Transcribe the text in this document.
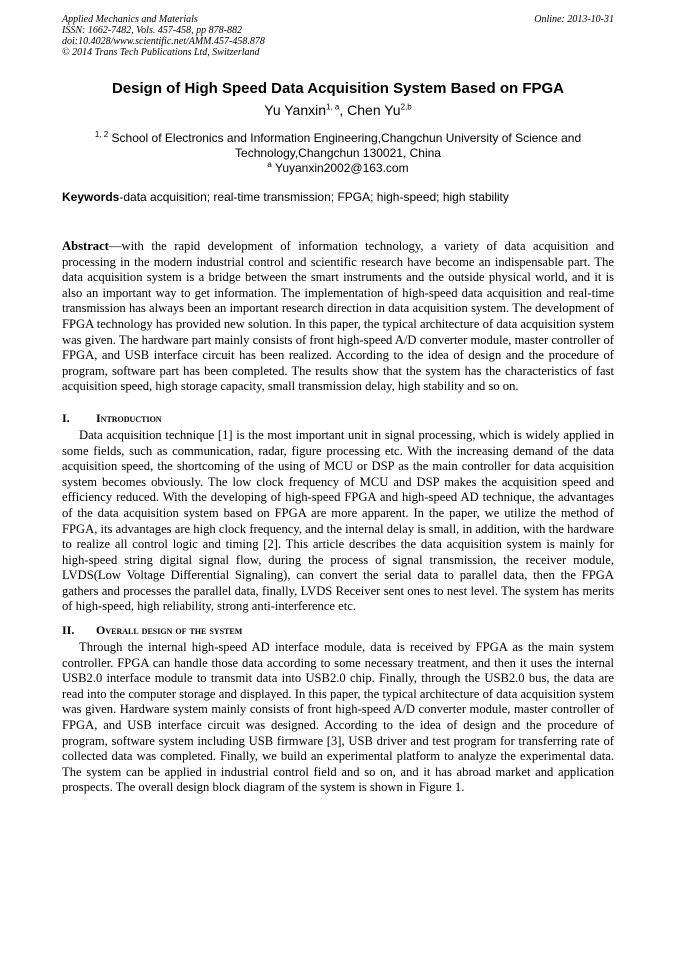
Applied Mechanics and Materials
ISSN: 1662-7482, Vols. 457-458, pp 878-882
doi:10.4028/www.scientific.net/AMM.457-458.878
© 2014 Trans Tech Publications Ltd, Switzerland
Online: 2013-10-31
Design of High Speed Data Acquisition System Based on FPGA
Yu Yanxin$^{1, a}$, Chen Yu$^{2,b}$
$^{1, 2}$ School of Electronics and Information Engineering,Changchun University of Science and
Technology,Changchun 130021, China
$^a$ Yuyanxin2002@163.com
Keywords-data acquisition; real-time transmission; FPGA; high-speed; high stability
Abstract—with the rapid development of information technology, a variety of data acquisition and processing in the modern industrial control and scientific research have become an indispensable part. The data acquisition system is a bridge between the smart instruments and the outside physical world, and it is also an important way to get information. The implementation of high-speed data acquisition and real-time transmission has always been an important research direction in data acquisition system. The development of FPGA technology has provided new solution. In this paper, the typical architecture of data acquisition system was given. The hardware part mainly consists of front high-speed A/D converter module, master controller of FPGA, and USB interface circuit has been realized. According to the idea of design and the procedure of program, software part has been completed. The results show that the system has the characteristics of fast acquisition speed, high storage capacity, small transmission delay, high stability and so on.
I. Introduction
Data acquisition technique [1] is the most important unit in signal processing, which is widely applied in some fields, such as communication, radar, figure processing etc. With the increasing demand of the data acquisition speed, the shortcoming of the using of MCU or DSP as the main controller for data acquisition system becomes obviously. The low clock frequency of MCU and DSP makes the acquisition speed and efficiency reduced. With the developing of high-speed FPGA and high-speed AD technique, the advantages of the data acquisition system based on FPGA are more apparent. In the paper, we utilize the method of FPGA, its advantages are high clock frequency, and the internal delay is small, in addition, with the hardware to realize all control logic and timing [2]. This article describes the data acquisition system is mainly for high-speed string digital signal flow, during the process of signal transmission, the receiver module, LVDS(Low Voltage Differential Signaling), can convert the serial data to parallel data, then the FPGA gathers and processes the parallel data, finally, LVDS Receiver sent ones to nest level. The system has merits of high-speed, high reliability, strong anti-interference etc.
II. Overall design of the system
Through the internal high-speed AD interface module, data is received by FPGA as the main system controller. FPGA can handle those data according to some necessary treatment, and then it uses the internal USB2.0 interface module to transmit data into USB2.0 chip. Finally, through the USB2.0 bus, the data are read into the computer storage and displayed. In this paper, the typical architecture of data acquisition system was given. Hardware system mainly consists of front high-speed A/D converter module, master controller of FPGA, and USB interface circuit was designed. According to the idea of design and the procedure of program, software system including USB firmware [3], USB driver and test program for transferring rate of collected data was completed. Finally, we build an experimental platform to analyze the experimental data. The system can be applied in industrial control field and so on, and it has abroad market and application prospects. The overall design block diagram of the system is shown in Figure 1.
